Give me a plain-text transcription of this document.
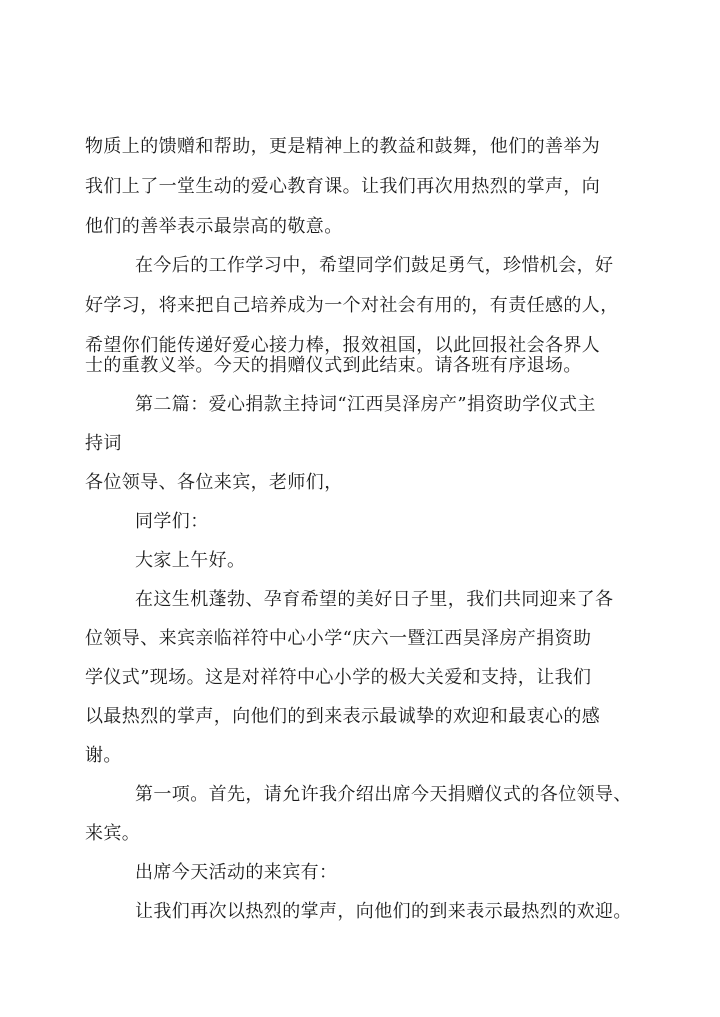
物质上的馈赠和帮助，更是精神上的教益和鼓舞，他们的善举为
我们上了一堂生动的爱心教育课。让我们再次用热烈的掌声，向
他们的善举表示最崇高的敬意。
在今后的工作学习中，希望同学们鼓足勇气，珍惜机会，好
好学习，将来把自己培养成为一个对社会有用的，有责任感的人，
希望你们能传递好爱心接力棒，报效祖国，以此回报社会各界人
士的重教义举。今天的捐赠仪式到此结束。请各班有序退场。
第二篇：爱心捐款主持词“江西昊泽房产”捐资助学仪式主
持词
各位领导、各位来宾，老师们，
同学们：
大家上午好。
在这生机蓬勃、孕育希望的美好日子里，我们共同迎来了各
位领导、来宾亲临祥符中心小学“庆六一暨江西昊泽房产捐资助
学仪式”现场。这是对祥符中心小学的极大关爱和支持，让我们
以最热烈的掌声，向他们的到来表示最诚挚的欢迎和最衷心的感
谢。
第一项。首先，请允许我介绍出席今天捐赠仪式的各位领导、
来宾。
出席今天活动的来宾有：
让我们再次以热烈的掌声，向他们的到来表示最热烈的欢迎。
